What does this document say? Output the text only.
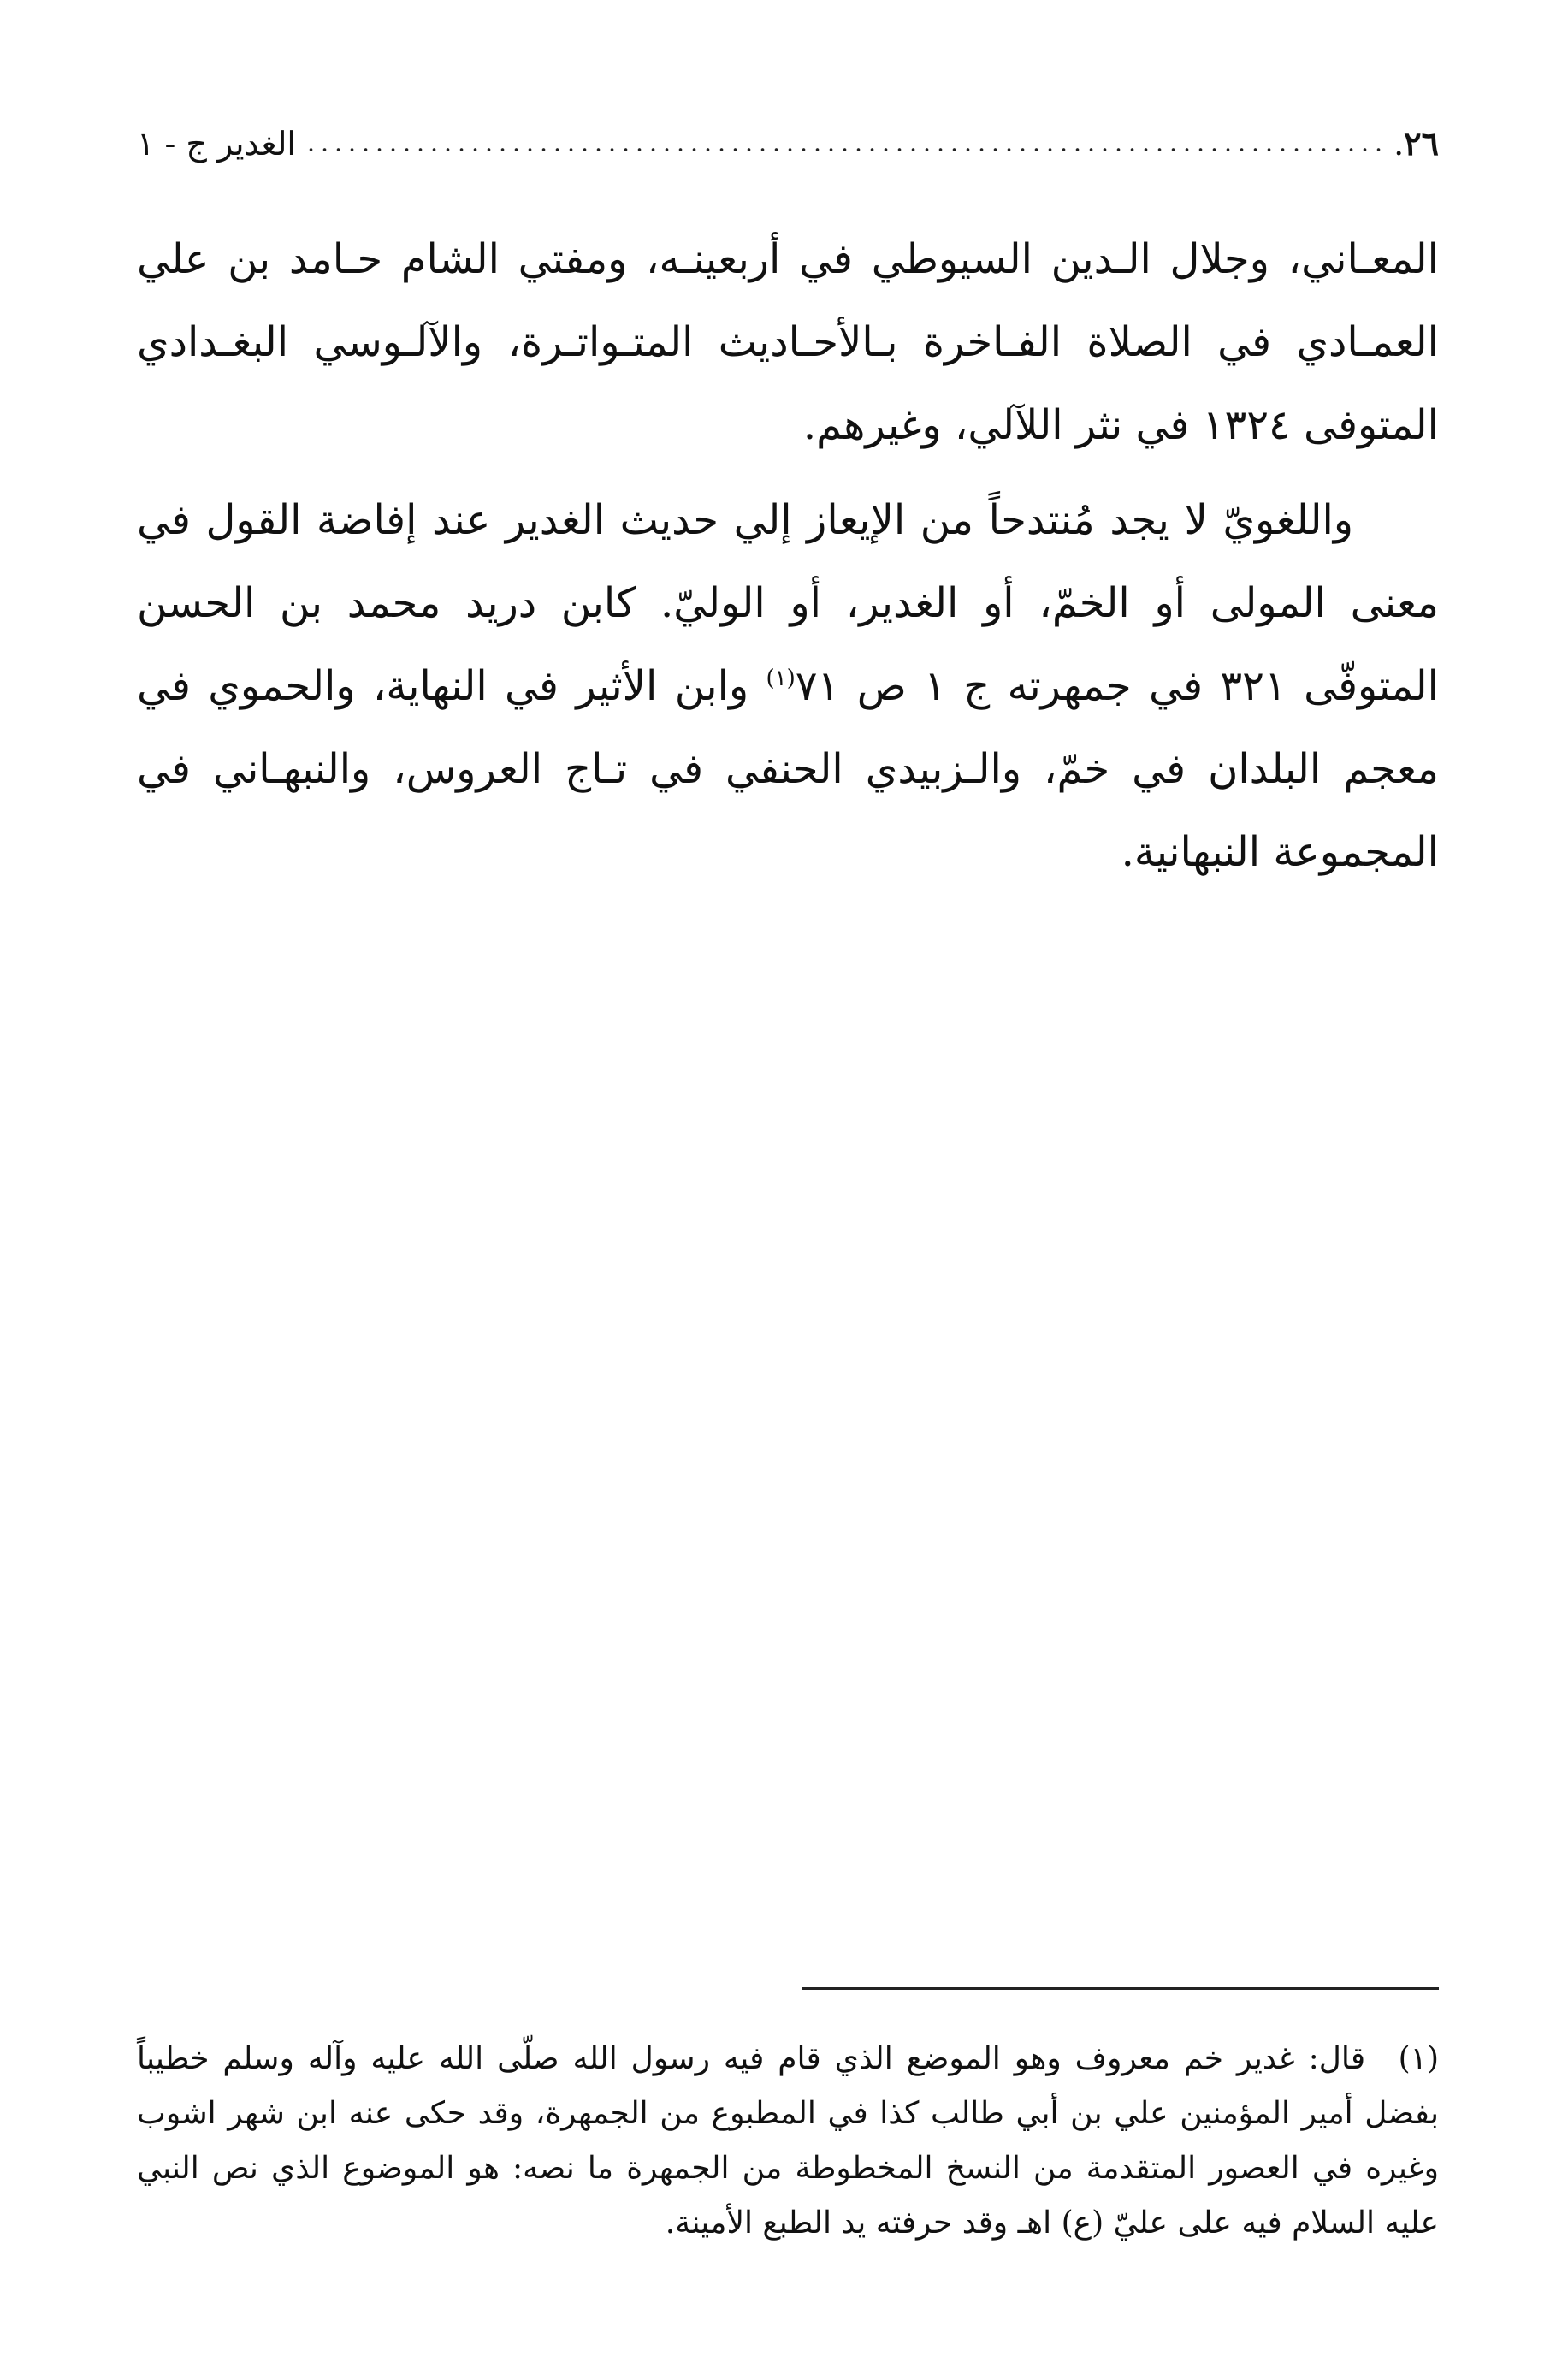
٢٦
.
الغدير ج - ١

المعـاني، وجلال الـدين السيوطي في أربعينـه، ومفتي الشام حـامد بن علي العمـادي في الصلاة الفـاخرة بـالأحـاديث المتـواتـرة، والآلـوسي البغـدادي المتوفى ١٣٢٤ في نثر اللآلي، وغيرهم.

واللغويّ لا يجد مُنتدحاً من الإيعاز إلي حديث الغدير عند إفاضة القول في معنى المولى أو الخمّ، أو الغدير، أو الوليّ. كابن دريد محمد بن الحسن المتوفّى ٣٢١ في جمهرته ج ١ ص ٧١$^{(١)}$ وابن الأثير في النهاية، والحموي في معجم البلدان في خمّ، والـزبيدي الحنفي في تـاج العروس، والنبهـاني في المجموعة النبهانية.

(١) قال: غدير خم معروف وهو الموضع الذي قام فيه رسول الله صلّى الله عليه وآله وسلم خطيباً بفضل أمير المؤمنين علي بن أبي طالب كذا في المطبوع من الجمهرة، وقد حكى عنه ابن شهر اشوب وغيره في العصور المتقدمة من النسخ المخطوطة من الجمهرة ما نصه: هو الموضوع الذي نص النبي عليه السلام فيه على عليّ (ع) اهـ وقد حرفته يد الطبع الأمينة.
